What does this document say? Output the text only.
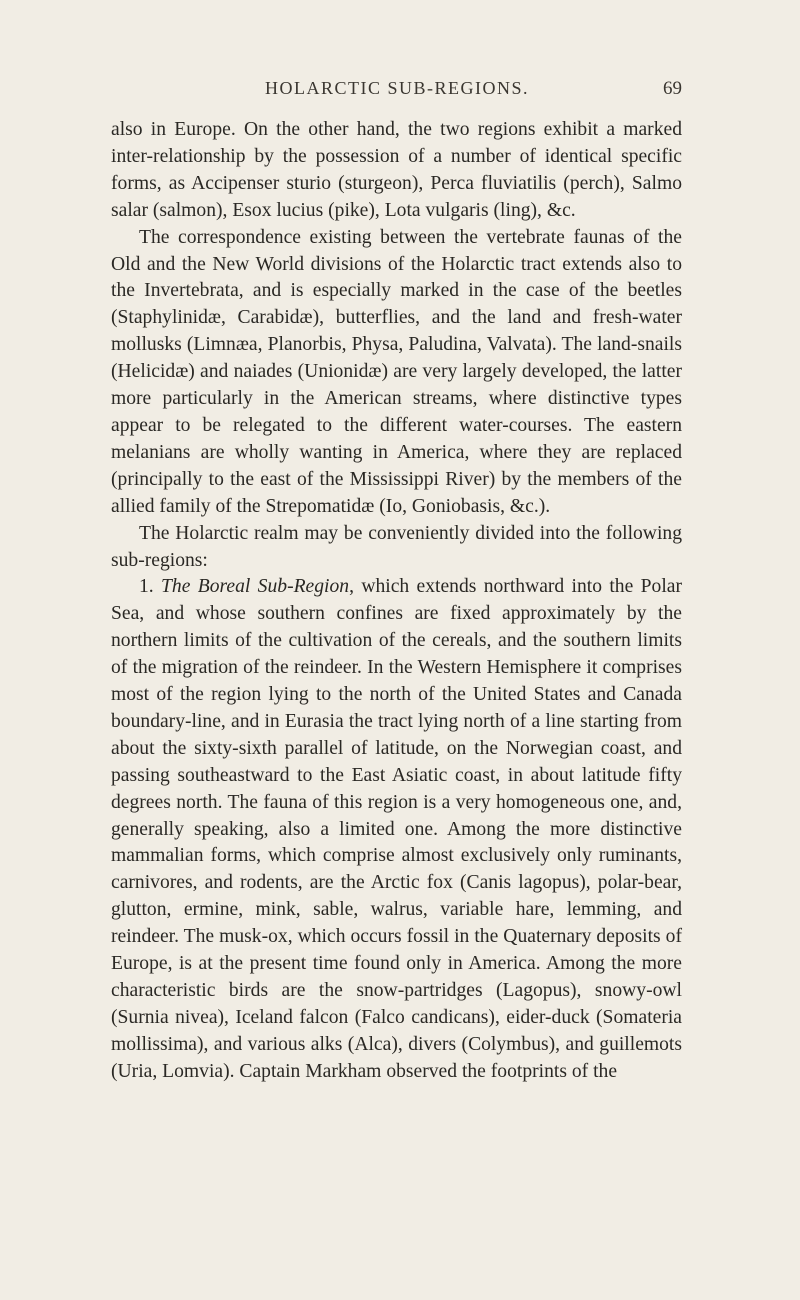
HOLARCTIC SUB-REGIONS.	69

also in Europe. On the other hand, the two regions exhibit a marked inter-relationship by the possession of a number of identical specific forms, as Accipenser sturio (sturgeon), Perca fluviatilis (perch), Salmo salar (salmon), Esox lucius (pike), Lota vulgaris (ling), &c.

The correspondence existing between the vertebrate faunas of the Old and the New World divisions of the Holarctic tract extends also to the Invertebrata, and is especially marked in the case of the beetles (Staphylinidæ, Carabidæ), butterflies, and the land and fresh-water mollusks (Limnæa, Planorbis, Physa, Paludina, Valvata). The land-snails (Helicidæ) and naiades (Unionidæ) are very largely developed, the latter more particularly in the American streams, where distinctive types appear to be relegated to the different water-courses. The eastern melanians are wholly wanting in America, where they are replaced (principally to the east of the Mississippi River) by the members of the allied family of the Strepomatidæ (Io, Goniobasis, &c.).

The Holarctic realm may be conveniently divided into the following sub-regions:

1. The Boreal Sub-Region, which extends northward into the Polar Sea, and whose southern confines are fixed approximately by the northern limits of the cultivation of the cereals, and the southern limits of the migration of the reindeer. In the Western Hemisphere it comprises most of the region lying to the north of the United States and Canada boundary-line, and in Eurasia the tract lying north of a line starting from about the sixty-sixth parallel of latitude, on the Norwegian coast, and passing southeastward to the East Asiatic coast, in about latitude fifty degrees north. The fauna of this region is a very homogeneous one, and, generally speaking, also a limited one. Among the more distinctive mammalian forms, which comprise almost exclusively only ruminants, carnivores, and rodents, are the Arctic fox (Canis lagopus), polar-bear, glutton, ermine, mink, sable, walrus, variable hare, lemming, and reindeer. The musk-ox, which occurs fossil in the Quaternary deposits of Europe, is at the present time found only in America. Among the more characteristic birds are the snow-partridges (Lagopus), snowy-owl (Surnia nivea), Iceland falcon (Falco candicans), eider-duck (Somateria mollissima), and various alks (Alca), divers (Colymbus), and guillemots (Uria, Lomvia). Captain Markham observed the footprints of the
